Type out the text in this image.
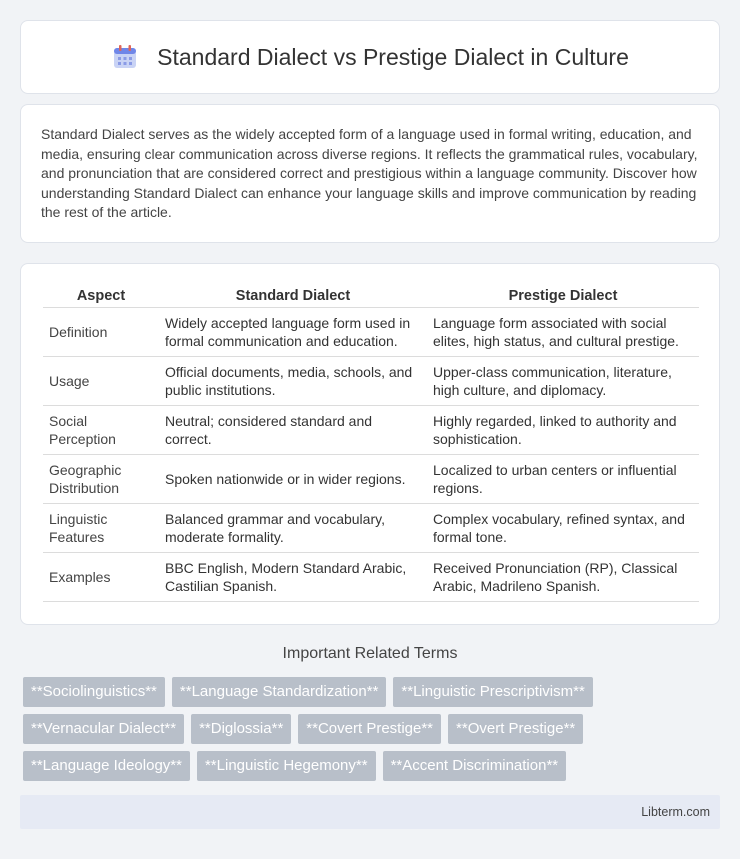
Standard Dialect vs Prestige Dialect in Culture

Standard Dialect serves as the widely accepted form of a language used in formal writing, education, and media, ensuring clear communication across diverse regions. It reflects the grammatical rules, vocabulary, and pronunciation that are considered correct and prestigious within a language community. Discover how understanding Standard Dialect can enhance your language skills and improve communication by reading the rest of the article.

Aspect	Standard Dialect	Prestige Dialect
Definition	Widely accepted language form used in formal communication and education.	Language form associated with social elites, high status, and cultural prestige.
Usage	Official documents, media, schools, and public institutions.	Upper-class communication, literature, high culture, and diplomacy.
Social Perception	Neutral; considered standard and correct.	Highly regarded, linked to authority and sophistication.
Geographic Distribution	Spoken nationwide or in wider regions.	Localized to urban centers or influential regions.
Linguistic Features	Balanced grammar and vocabulary, moderate formality.	Complex vocabulary, refined syntax, and formal tone.
Examples	BBC English, Modern Standard Arabic, Castilian Spanish.	Received Pronunciation (RP), Classical Arabic, Madrileno Spanish.
Important Related Terms
**Sociolinguistics**	**Language Standardization**	**Linguistic Prescriptivism**
**Vernacular Dialect**	**Diglossia**	**Covert Prestige**	**Overt Prestige**
**Language Ideology**	**Linguistic Hegemony**	**Accent Discrimination**
Libterm.com
